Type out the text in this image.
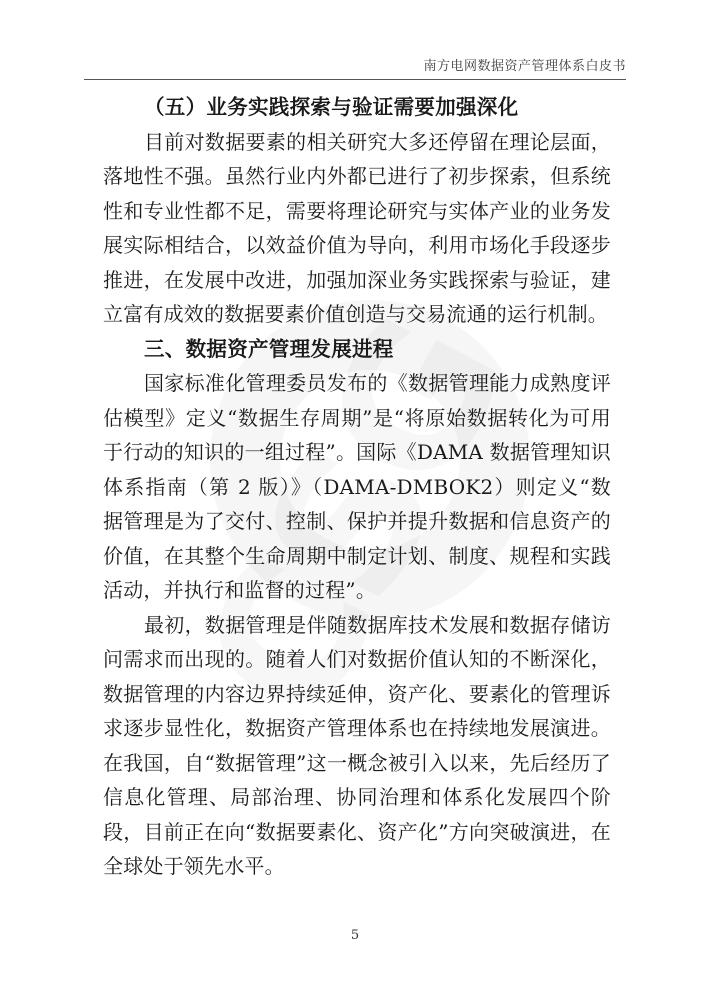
南方电网数据资产管理体系白皮书

（五）业务实践探索与验证需要加强深化

目前对数据要素的相关研究大多还停留在理论层面，落地性不强。虽然行业内外都已进行了初步探索，但系统性和专业性都不足，需要将理论研究与实体产业的业务发展实际相结合，以效益价值为导向，利用市场化手段逐步推进，在发展中改进，加强加深业务实践探索与验证，建立富有成效的数据要素价值创造与交易流通的运行机制。

三、数据资产管理发展进程

国家标准化管理委员发布的《数据管理能力成熟度评估模型》定义“数据生存周期”是“将原始数据转化为可用于行动的知识的一组过程”。国际《DAMA 数据管理知识体系指南（第 2 版）》（DAMA-DMBOK2）则定义“数据管理是为了交付、控制、保护并提升数据和信息资产的价值，在其整个生命周期中制定计划、制度、规程和实践活动，并执行和监督的过程”。

最初，数据管理是伴随数据库技术发展和数据存储访问需求而出现的。随着人们对数据价值认知的不断深化，数据管理的内容边界持续延伸，资产化、要素化的管理诉求逐步显性化，数据资产管理体系也在持续地发展演进。在我国，自“数据管理”这一概念被引入以来，先后经历了信息化管理、局部治理、协同治理和体系化发展四个阶段，目前正在向“数据要素化、资产化”方向突破演进，在全球处于领先水平。

5
